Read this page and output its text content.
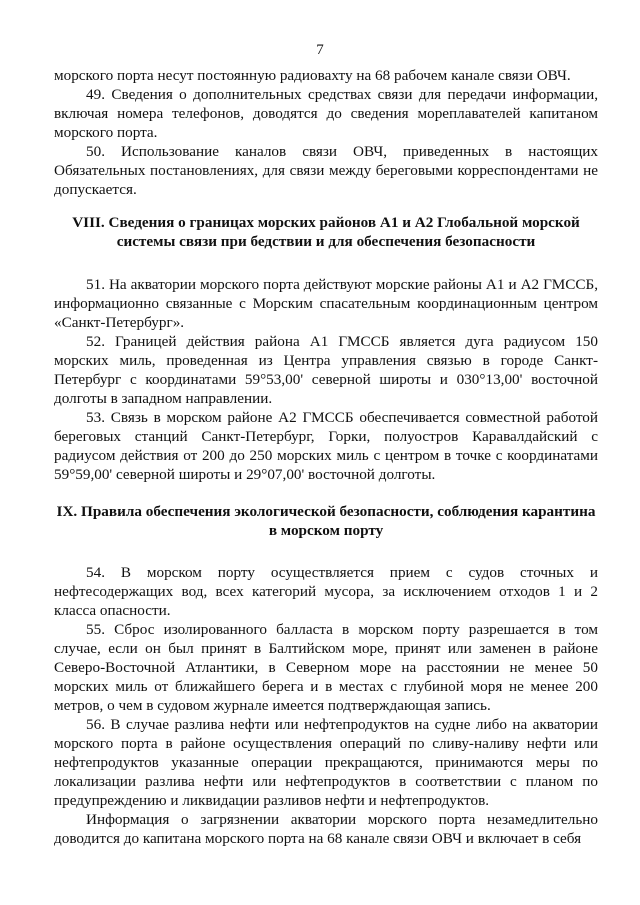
7

морского порта несут постоянную радиовахту на 68 рабочем канале связи ОВЧ.

49. Сведения о дополнительных средствах связи для передачи информации, включая номера телефонов, доводятся до сведения мореплавателей капитаном морского порта.

50. Использование каналов связи ОВЧ, приведенных в настоящих Обязательных постановлениях, для связи между береговыми корреспондентами не допускается.

VIII. Сведения о границах морских районов А1 и А2 Глобальной морской системы связи при бедствии и для обеспечения безопасности

51. На акватории морского порта действуют морские районы А1 и А2 ГМССБ, информационно связанные с Морским спасательным координационным центром «Санкт-Петербург».

52. Границей действия района А1 ГМССБ является дуга радиусом 150 морских миль, проведенная из Центра управления связью в городе Санкт-Петербург с координатами 59°53,00' северной широты и 030°13,00' восточной долготы в западном направлении.

53. Связь в морском районе А2 ГМССБ обеспечивается совместной работой береговых станций Санкт-Петербург, Горки, полуостров Каравалдайский с радиусом действия от 200 до 250 морских миль с центром в точке с координатами 59°59,00' северной широты и 29°07,00' восточной долготы.

IX. Правила обеспечения экологической безопасности, соблюдения карантина в морском порту

54. В морском порту осуществляется прием с судов сточных и нефтесодержащих вод, всех категорий мусора, за исключением отходов 1 и 2 класса опасности.

55. Сброс изолированного балласта в морском порту разрешается в том случае, если он был принят в Балтийском море, принят или заменен в районе Северо-Восточной Атлантики, в Северном море на расстоянии не менее 50 морских миль от ближайшего берега и в местах с глубиной моря не менее 200 метров, о чем в судовом журнале имеется подтверждающая запись.

56. В случае разлива нефти или нефтепродуктов на судне либо на акватории морского порта в районе осуществления операций по сливу-наливу нефти или нефтепродуктов указанные операции прекращаются, принимаются меры по локализации разлива нефти или нефтепродуктов в соответствии с планом по предупреждению и ликвидации разливов нефти и нефтепродуктов.

Информация о загрязнении акватории морского порта незамедлительно доводится до капитана морского порта на 68 канале связи ОВЧ и включает в себя
